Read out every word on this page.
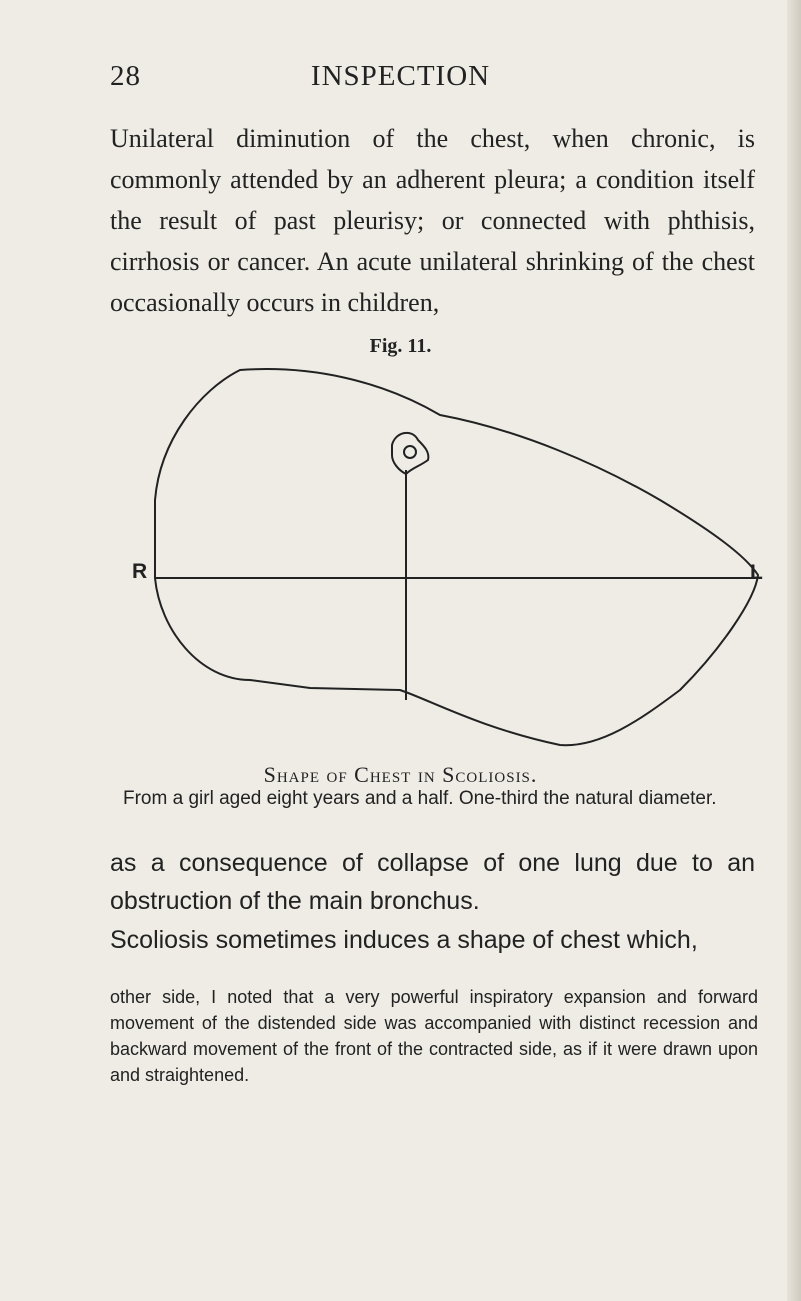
28	INSPECTION

Unilateral diminution of the chest, when chronic, is commonly attended by an adherent pleura; a condition itself the result of past pleurisy; or connected with phthisis, cirrhosis or cancer. An acute unilateral shrinking of the chest occasionally occurs in children,

Fig. 11.
R	L
Shape of Chest in Scoliosis.

From a girl aged eight years and a half. One-third the natural diameter.

as a consequence of collapse of one lung due to an obstruction of the main bronchus.

Scoliosis sometimes induces a shape of chest which,

other side, I noted that a very powerful inspiratory expansion and forward movement of the distended side was accompanied with distinct recession and backward movement of the front of the contracted side, as if it were drawn upon and straightened.
